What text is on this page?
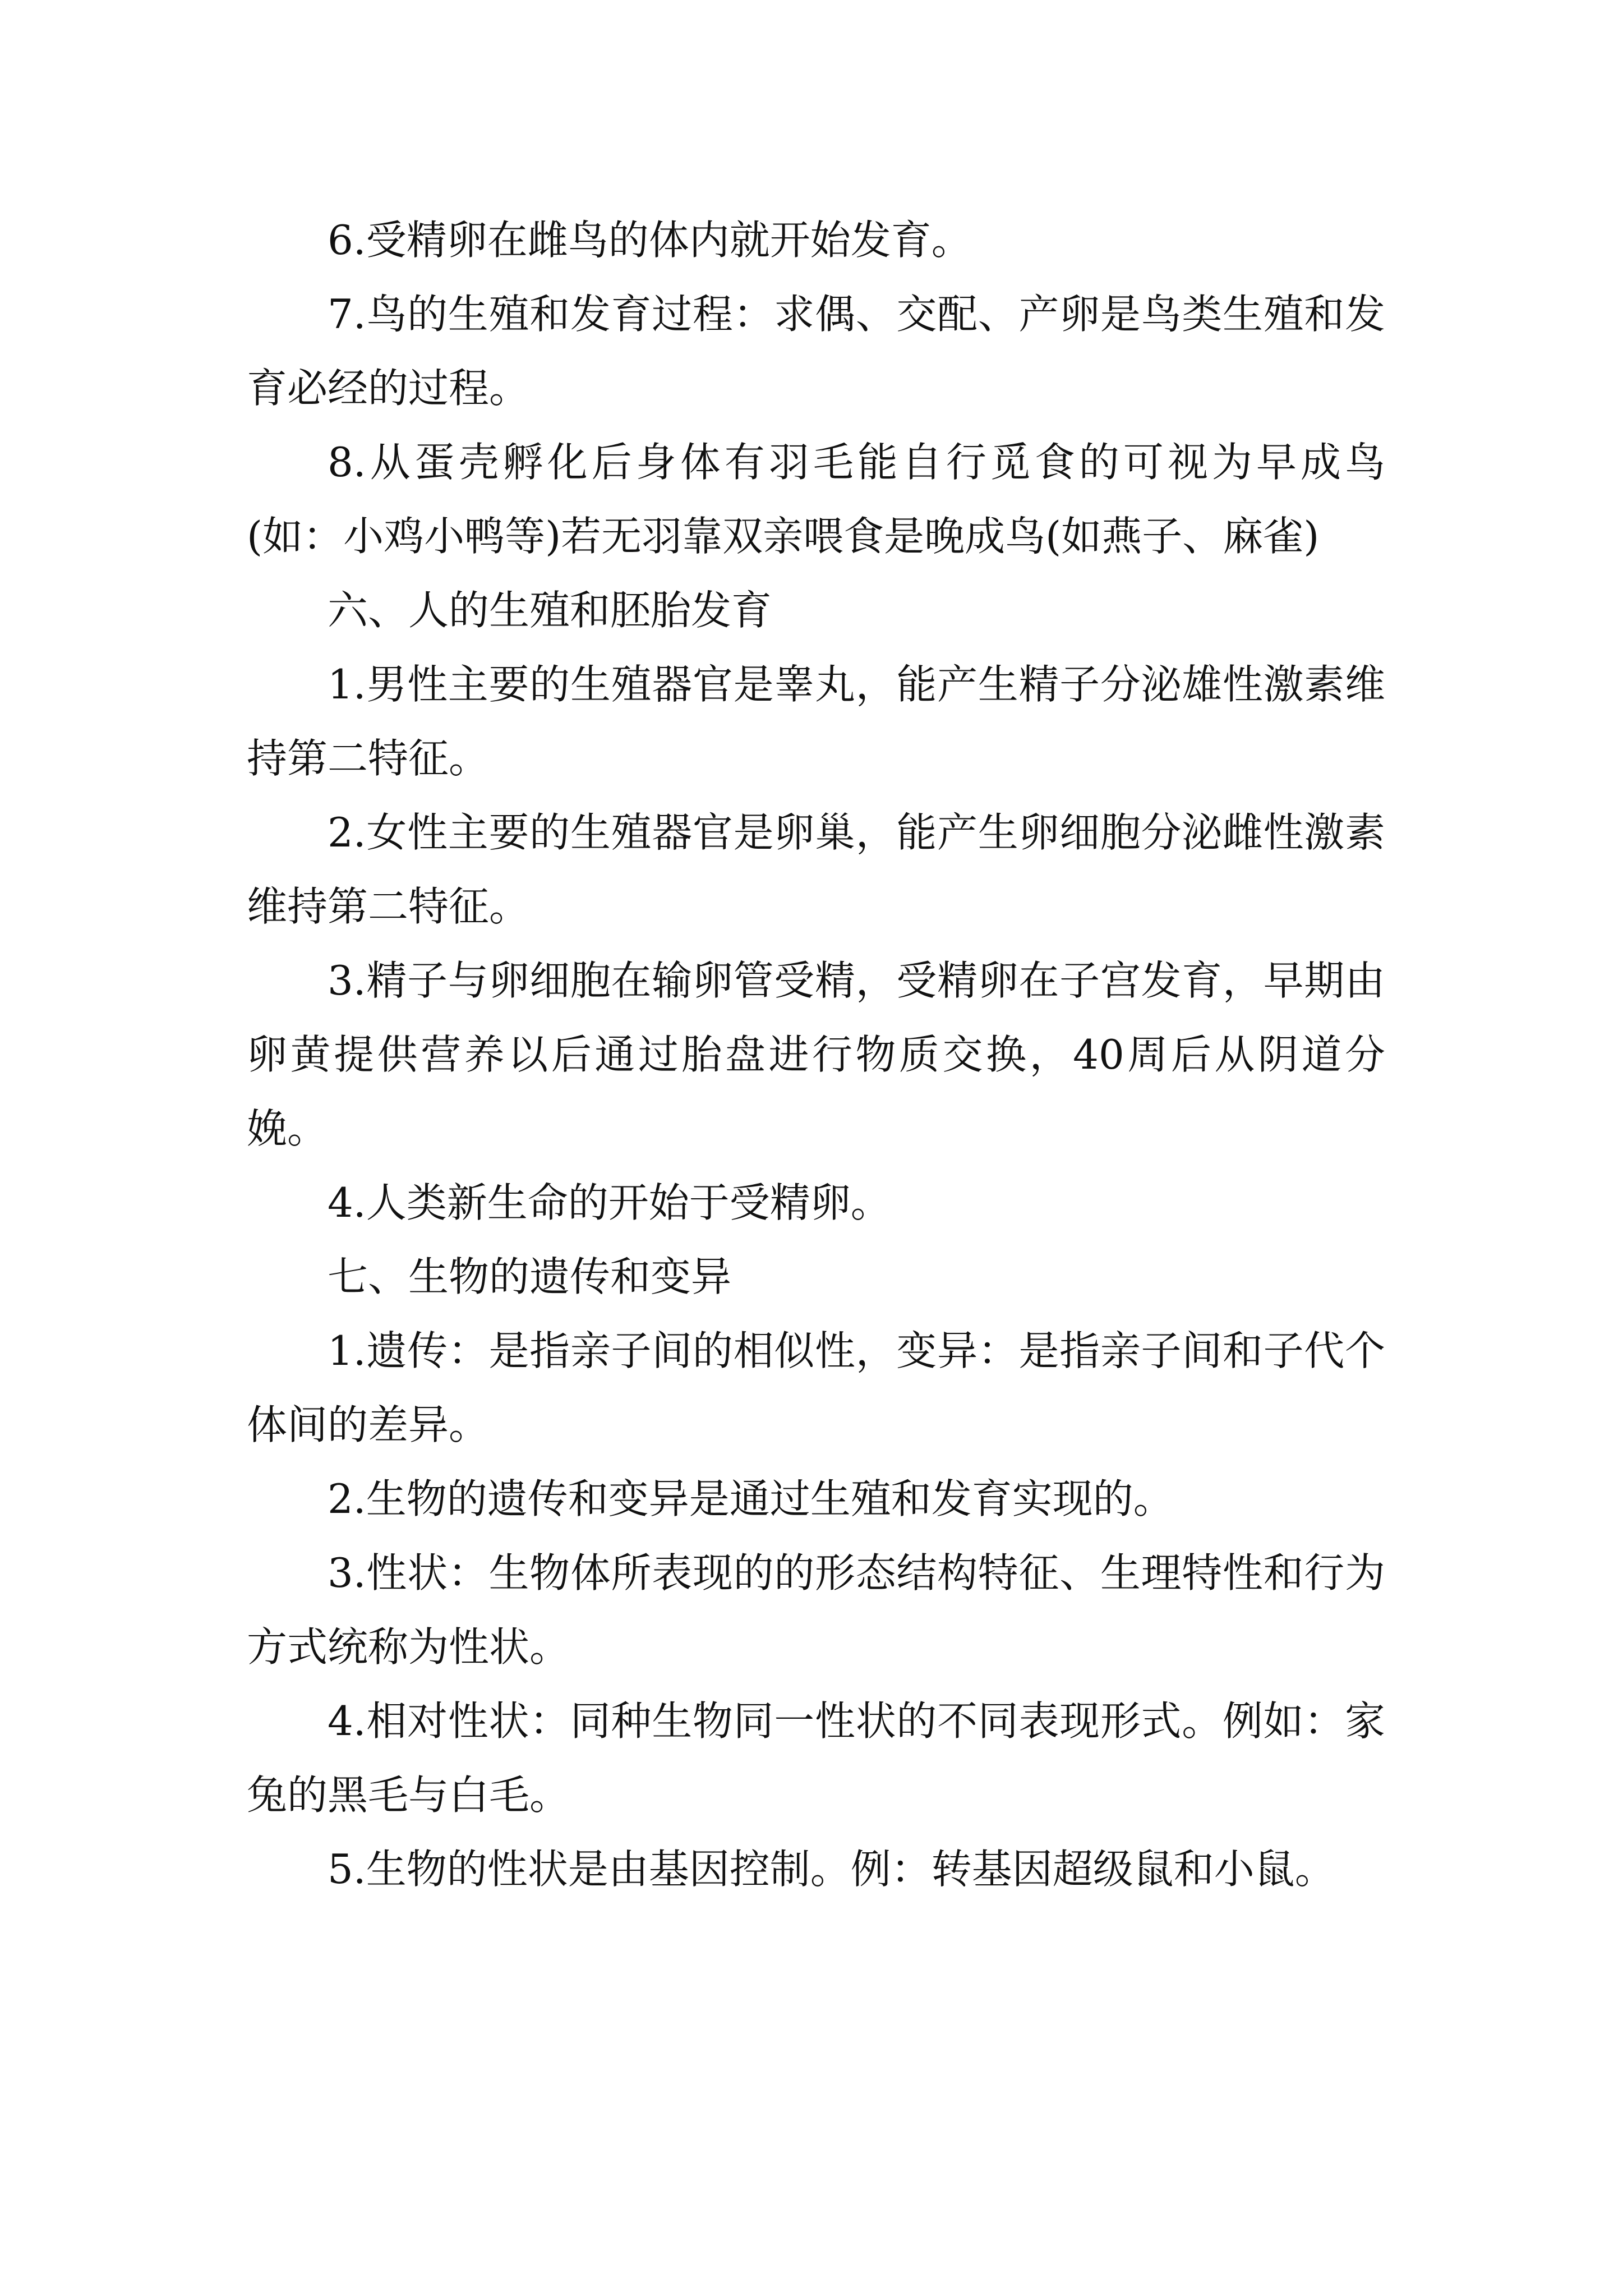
6.受精卵在雌鸟的体内就开始发育。

7.鸟的生殖和发育过程：求偶、交配、产卵是鸟类生殖和发育必经的过程。

8.从蛋壳孵化后身体有羽毛能自行觅食的可视为早成鸟(如：小鸡小鸭等)若无羽靠双亲喂食是晚成鸟(如燕子、麻雀)

六、人的生殖和胚胎发育

1.男性主要的生殖器官是睾丸，能产生精子分泌雄性激素维持第二特征。

2.女性主要的生殖器官是卵巢，能产生卵细胞分泌雌性激素维持第二特征。

3.精子与卵细胞在输卵管受精，受精卵在子宫发育，早期由卵黄提供营养以后通过胎盘进行物质交换，40周后从阴道分娩。

4.人类新生命的开始于受精卵。

七、生物的遗传和变异

1.遗传：是指亲子间的相似性，变异：是指亲子间和子代个体间的差异。

2.生物的遗传和变异是通过生殖和发育实现的。

3.性状：生物体所表现的的形态结构特征、生理特性和行为方式统称为性状。

4.相对性状：同种生物同一性状的不同表现形式。例如：家兔的黑毛与白毛。

5.生物的性状是由基因控制。例：转基因超级鼠和小鼠。
